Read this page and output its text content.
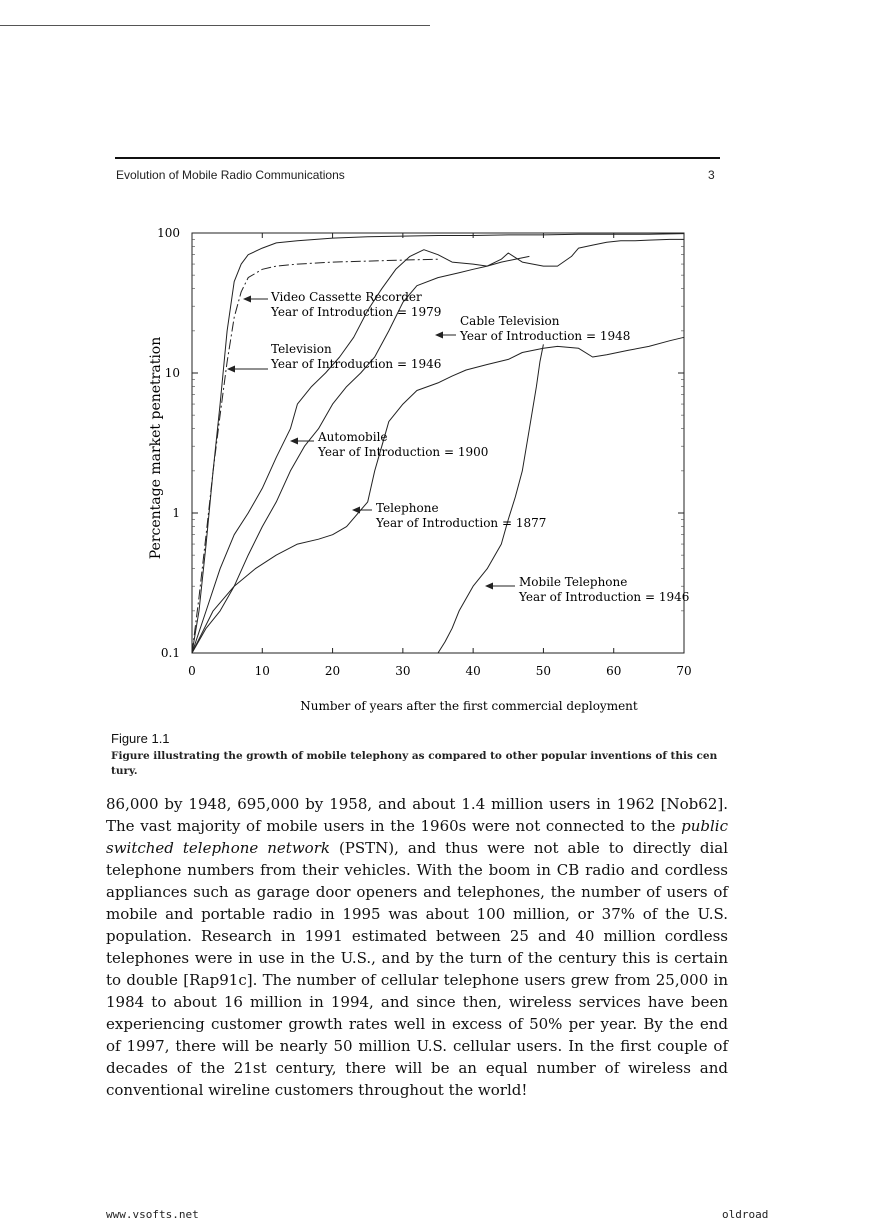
Evolution of Mobile Radio Communications	3
0.1
1
10
100
0	10	20	30	40	50	60	70
Video Cassette Recorder
Year of Introduction = 1979
Cable Television
Year of Introduction = 1948
Television
Year of Introduction = 1946
Automobile
Year of Introduction = 1900
Telephone
Year of Introduction = 1877
Mobile Telephone
Year of Introduction = 1946
Percentage market penetration
Number of years after the first commercial deployment
Figure 1.1
Figure illustrating the growth of mobile telephony as compared to other popular inventions of this cen tury.
86,000 by 1948, 695,000 by 1958, and about 1.4 million users in 1962 [Nob62]. The vast majority of mobile users in the 1960s were not connected to the public switched telephone network (PSTN), and thus were not able to directly dial telephone numbers from their vehicles. With the boom in CB radio and cordless appliances such as garage door openers and telephones, the number of users of mobile and portable radio in 1995 was about 100 million, or 37% of the U.S. population. Research in 1991 estimated between 25 and 40 million cordless telephones were in use in the U.S., and by the turn of the century this is certain to double [Rap91c]. The number of cellular telephone users grew from 25,000 in 1984 to about 16 million in 1994, and since then, wireless services have been experiencing customer growth rates well in excess of 50% per year. By the end of 1997, there will be nearly 50 million U.S. cellular users. In the first couple of decades of the 21st century, there will be an equal number of wireless and conventional wireline customers throughout the world!
www.vsofts.net	oldroad
